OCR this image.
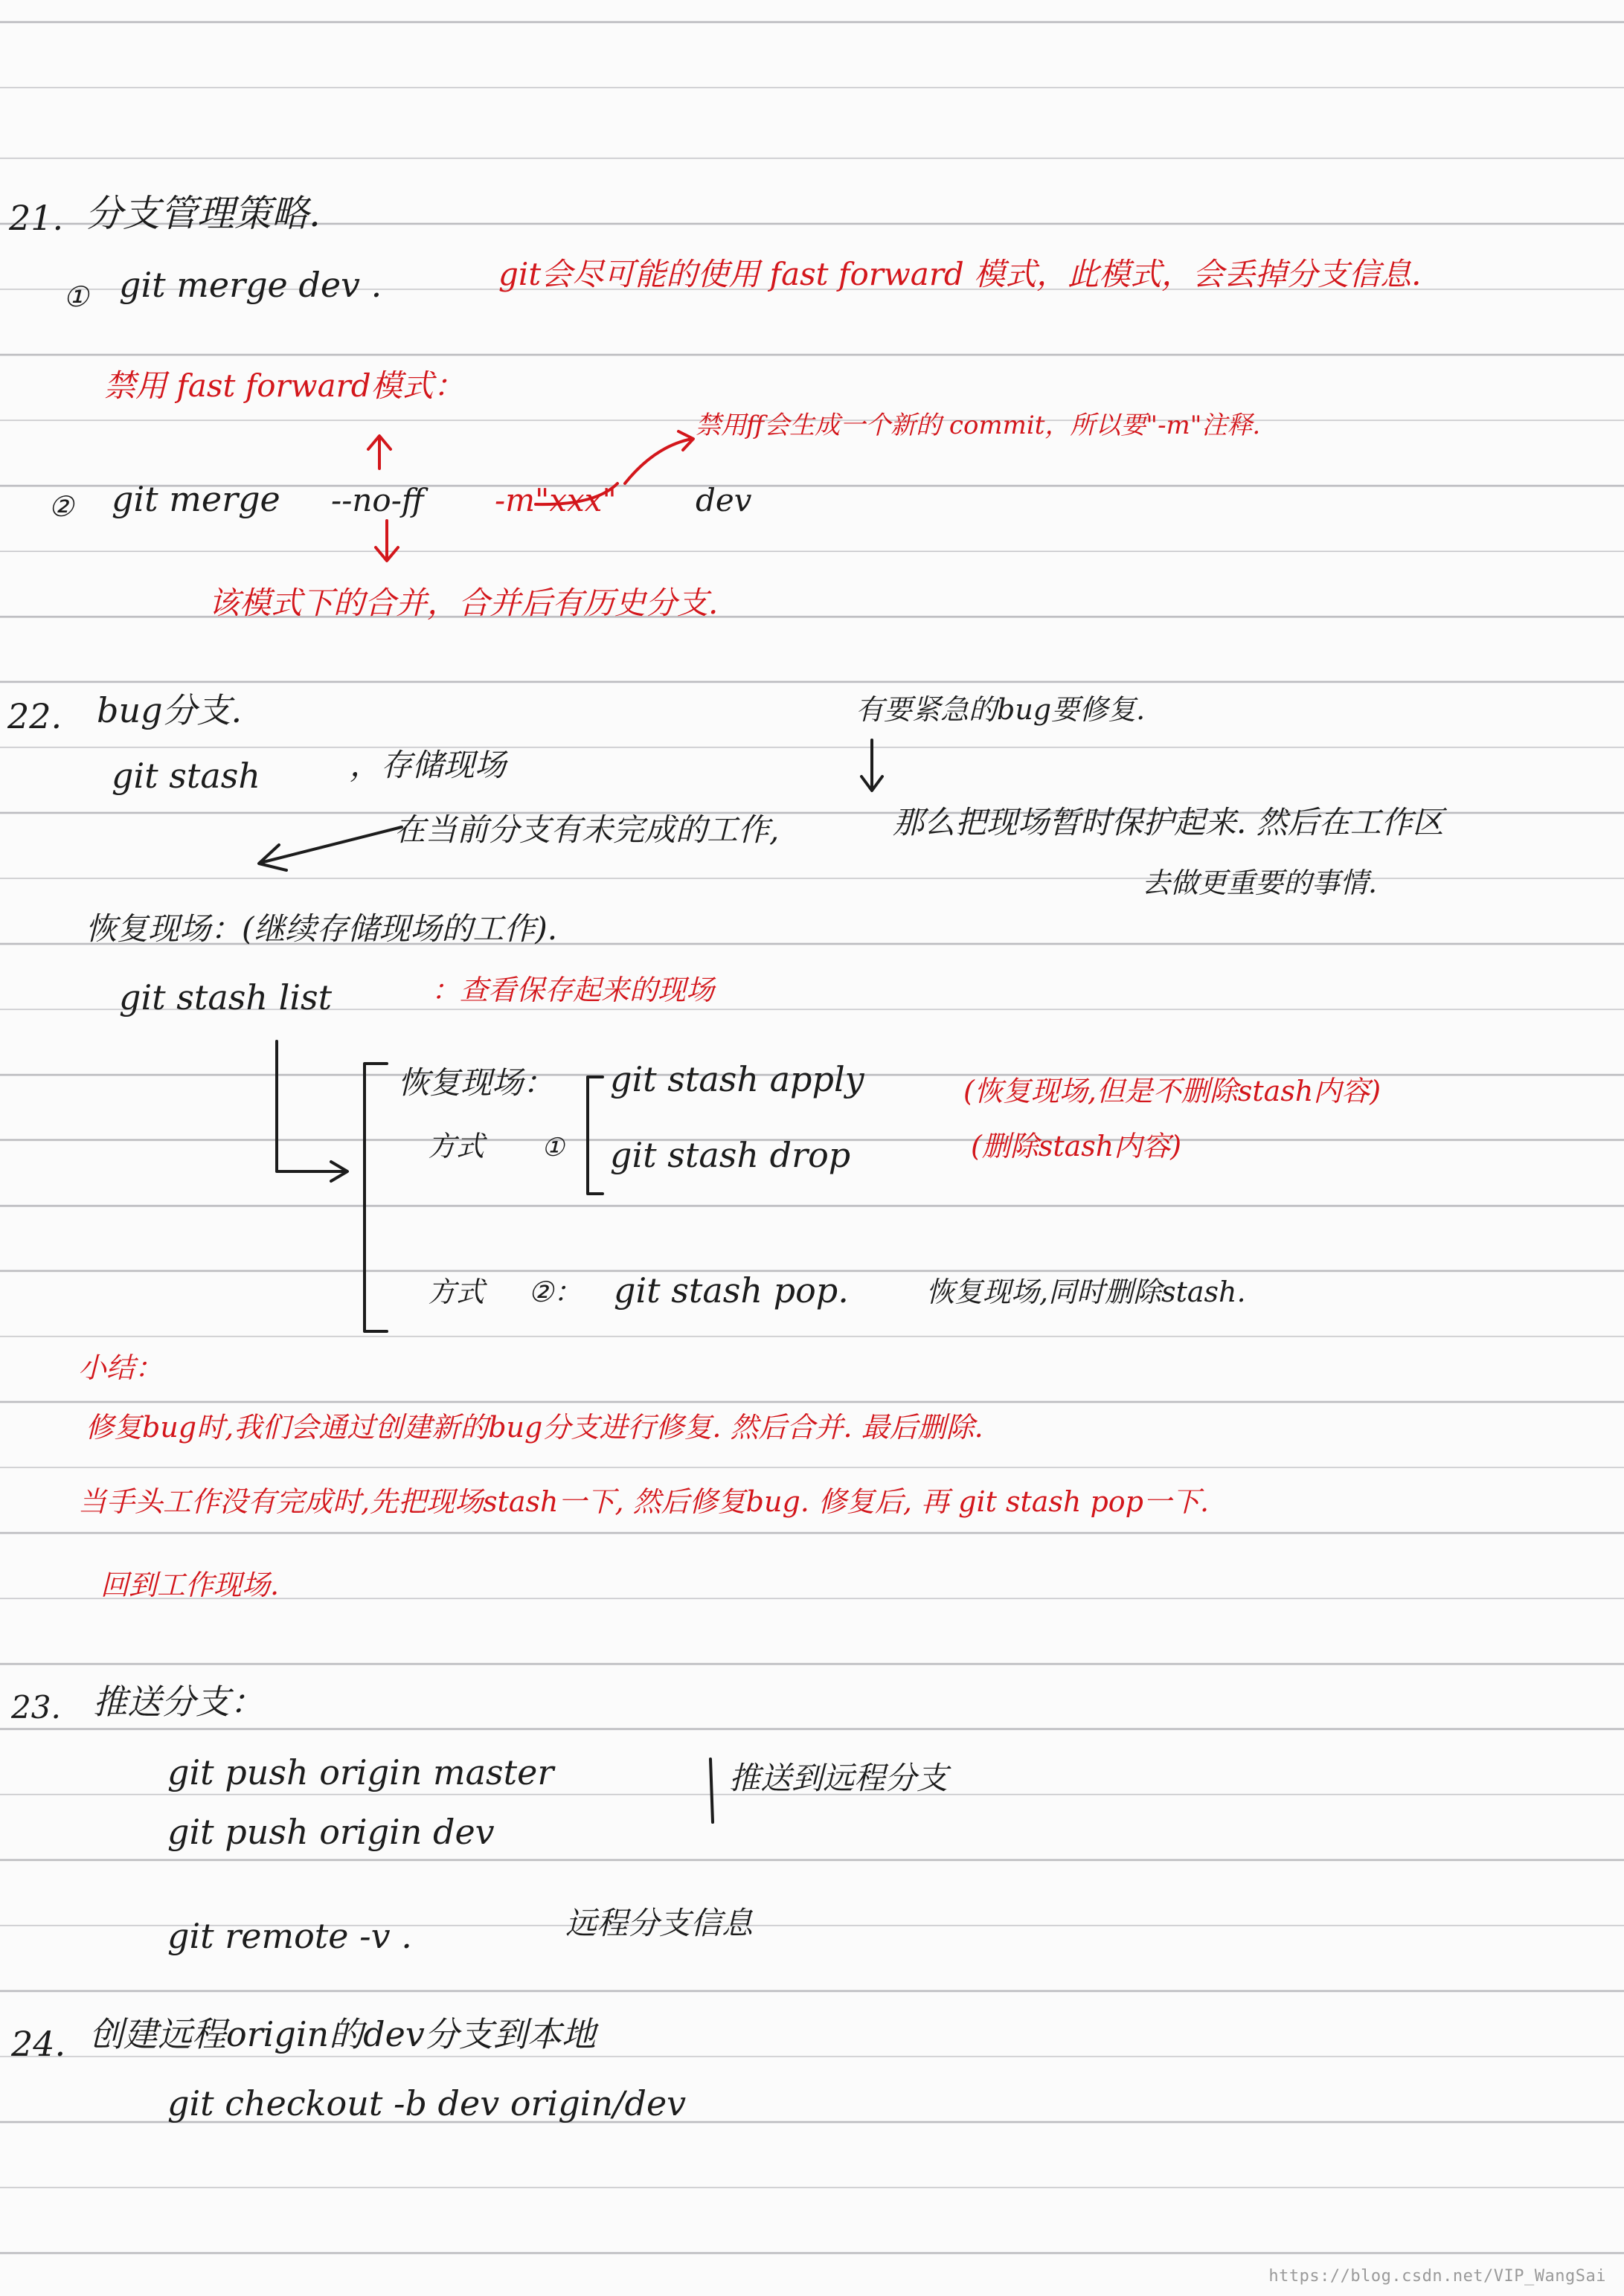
21. 分支管理策略.
① git merge dev .	git会尽可能的使用 fast forward 模式，此模式，会丢掉分支信息.
禁用 fast forward模式：
禁用ff会生成一个新的 commit，所以要"-m"注释.
② git merge --no-ff -m"xxx"	dev
该模式下的合并，合并后有历史分支.
22. bug分支.	有要紧急的bug要修复.
git stash	，存储现场
在当前分支有未完成的工作,	那么把现场暂时保护起来. 然后在工作区
去做更重要的事情.
恢复现场：(继续存储现场的工作).
git stash list	：查看保存起来的现场
恢复现场： git stash apply	(恢复现场,但是不删除stash内容)
方式 ① git stash drop	(删除stash内容)
方式 ②： git stash pop.	恢复现场,同时删除stash.
小结：
修复bug时,我们会通过创建新的bug分支进行修复. 然后合并. 最后删除.
当手头工作没有完成时,先把现场stash一下, 然后修复bug. 修复后, 再 git stash pop一下.
回到工作现场.
23. 推送分支：
git push origin master
git push origin dev
推送到远程分支
git remote -v .	远程分支信息
24. 创建远程origin的dev分支到本地
git checkout -b dev origin/dev
https://blog.csdn.net/VIP_WangSai
